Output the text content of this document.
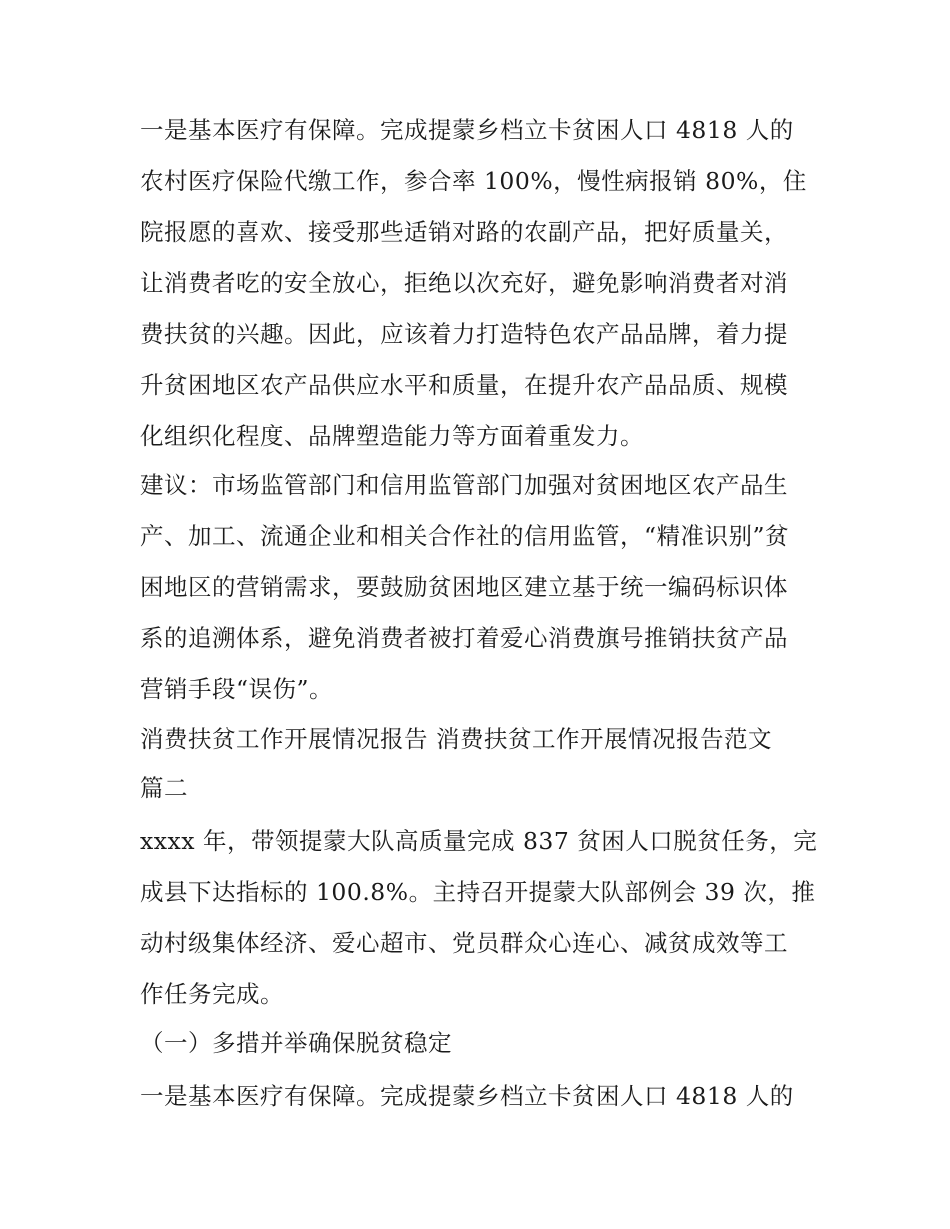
一是基本医疗有保障。完成提蒙乡档立卡贫困人口 4818 人的

农村医疗保险代缴工作，参合率 100%，慢性病报销 80%，住

院报愿的喜欢、接受那些适销对路的农副产品，把好质量关，

让消费者吃的安全放心，拒绝以次充好，避免影响消费者对消

费扶贫的兴趣。因此，应该着力打造特色农产品品牌，着力提

升贫困地区农产品供应水平和质量，在提升农产品品质、规模

化组织化程度、品牌塑造能力等方面着重发力。

建议：市场监管部门和信用监管部门加强对贫困地区农产品生

产、加工、流通企业和相关合作社的信用监管，“精准识别”贫

困地区的营销需求，要鼓励贫困地区建立基于统一编码标识体

系的追溯体系，避免消费者被打着爱心消费旗号推销扶贫产品

营销手段“误伤”。

消费扶贫工作开展情况报告 消费扶贫工作开展情况报告范文

篇二

xxxx 年，带领提蒙大队高质量完成 837 贫困人口脱贫任务，完

成县下达指标的 100.8%。主持召开提蒙大队部例会 39 次，推

动村级集体经济、爱心超市、党员群众心连心、减贫成效等工

作任务完成。

（一）多措并举确保脱贫稳定

一是基本医疗有保障。完成提蒙乡档立卡贫困人口 4818 人的
